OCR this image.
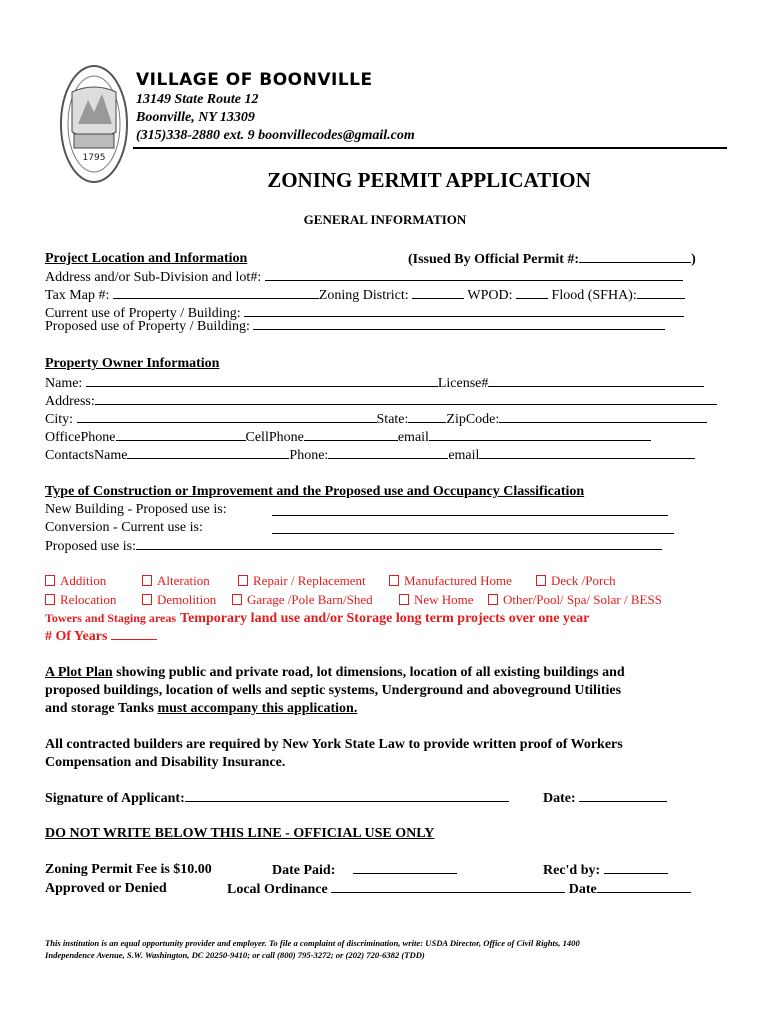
1795
VILLAGE OF BOONVILLE
13149 State Route 12
Boonville, NY 13309
(315)338-2880 ext. 9 boonvillecodes@gmail.com
ZONING PERMIT APPLICATION
GENERAL INFORMATION
Project Location and Information	(Issued By Official Permit #:	)
Address and/or Sub-Division and lot#:
Tax Map #:	Zoning District:	WPOD:	Flood (SFHA):
Current use of Property / Building:
Proposed use of Property / Building:
Property Owner Information
Name:	License#
Address:
City:	State:	ZipCode:
OfficePhone	CellPhone	email
ContactsName	Phone:	email
Type of Construction or Improvement and the Proposed use and Occupancy Classification
New Building - Proposed use is:
Conversion - Current use is:
Proposed use is:
Addition	Alteration	Repair / Replacement	Manufactured Home	Deck /Porch
Relocation	Demolition	Garage /Pole Barn/Shed	New Home	Other/Pool/ Spa/ Solar / BESS
Towers and Staging areas Temporary land use and/or Storage long term projects over one year
# Of Years
A Plot Plan showing public and private road, lot dimensions, location of all existing buildings and
proposed buildings, location of wells and septic systems, Underground and aboveground Utilities
and storage Tanks must accompany this application.
All contracted builders are required by New York State Law to provide written proof of Workers
Compensation and Disability Insurance.
Signature of Applicant:	Date:
DO NOT WRITE BELOW THIS LINE - OFFICIAL USE ONLY
Zoning Permit Fee is $10.00	Date Paid:	Rec'd by:
Approved or Denied	Local Ordinance	Date
This institution is an equal opportunity provider and employer. To file a complaint of discrimination, write: USDA Director, Office of Civil Rights, 1400
Independence Avenue, S.W. Washington, DC 20250-9410; or call (800) 795-3272; or (202) 720-6382 (TDD)
